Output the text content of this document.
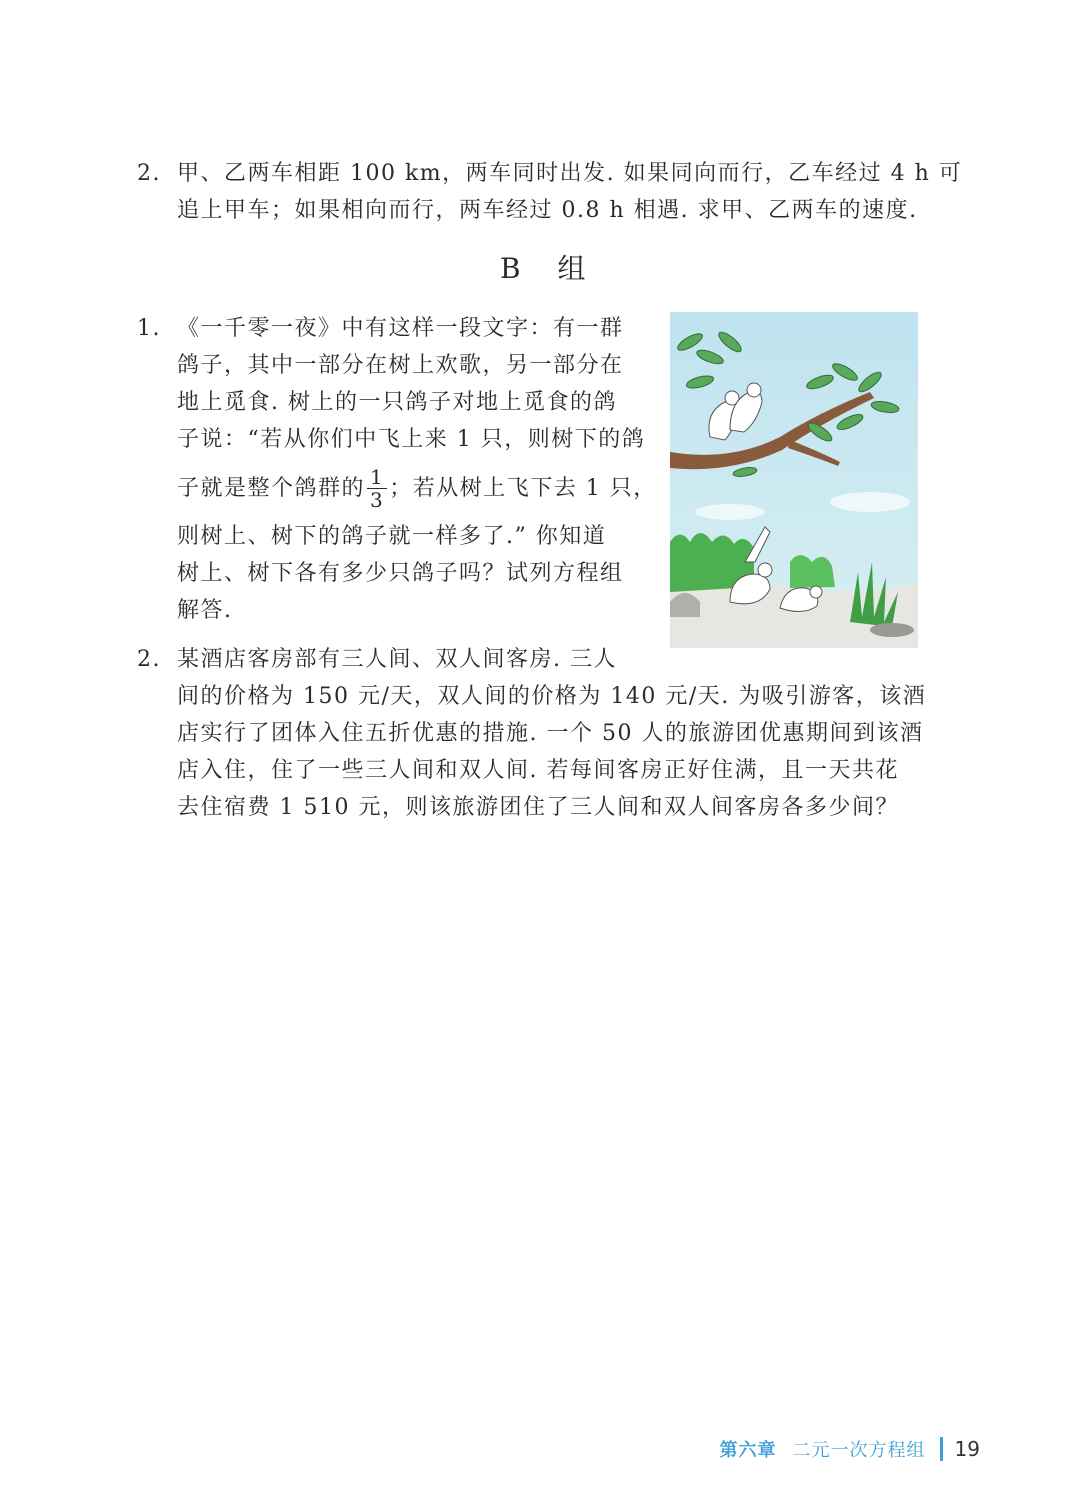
2. 甲、乙两车相距 100 km，两车同时出发. 如果同向而行，乙车经过 4 h 可
追上甲车；如果相向而行，两车经过 0.8 h 相遇. 求甲、乙两车的速度.
B 组
1. 《一千零一夜》中有这样一段文字：有一群
鸽子，其中一部分在树上欢歌，另一部分在
地上觅食. 树上的一只鸽子对地上觅食的鸽
子说：“若从你们中飞上来 1 只，则树下的鸽
子就是整个鸽群的 $\frac{1}{3}$ ；若从树上飞下去 1 只，
则树上、树下的鸽子就一样多了.” 你知道
树上、树下各有多少只鸽子吗？试列方程组
解答.
2. 某酒店客房部有三人间、双人间客房. 三人
间的价格为 150 元/天，双人间的价格为 140 元/天. 为吸引游客，该酒
店实行了团体入住五折优惠的措施. 一个 50 人的旅游团优惠期间到该酒
店入住，住了一些三人间和双人间. 若每间客房正好住满，且一天共花
去住宿费 1 510 元，则该旅游团住了三人间和双人间客房各多少间？
第六章 二元一次方程组 19
